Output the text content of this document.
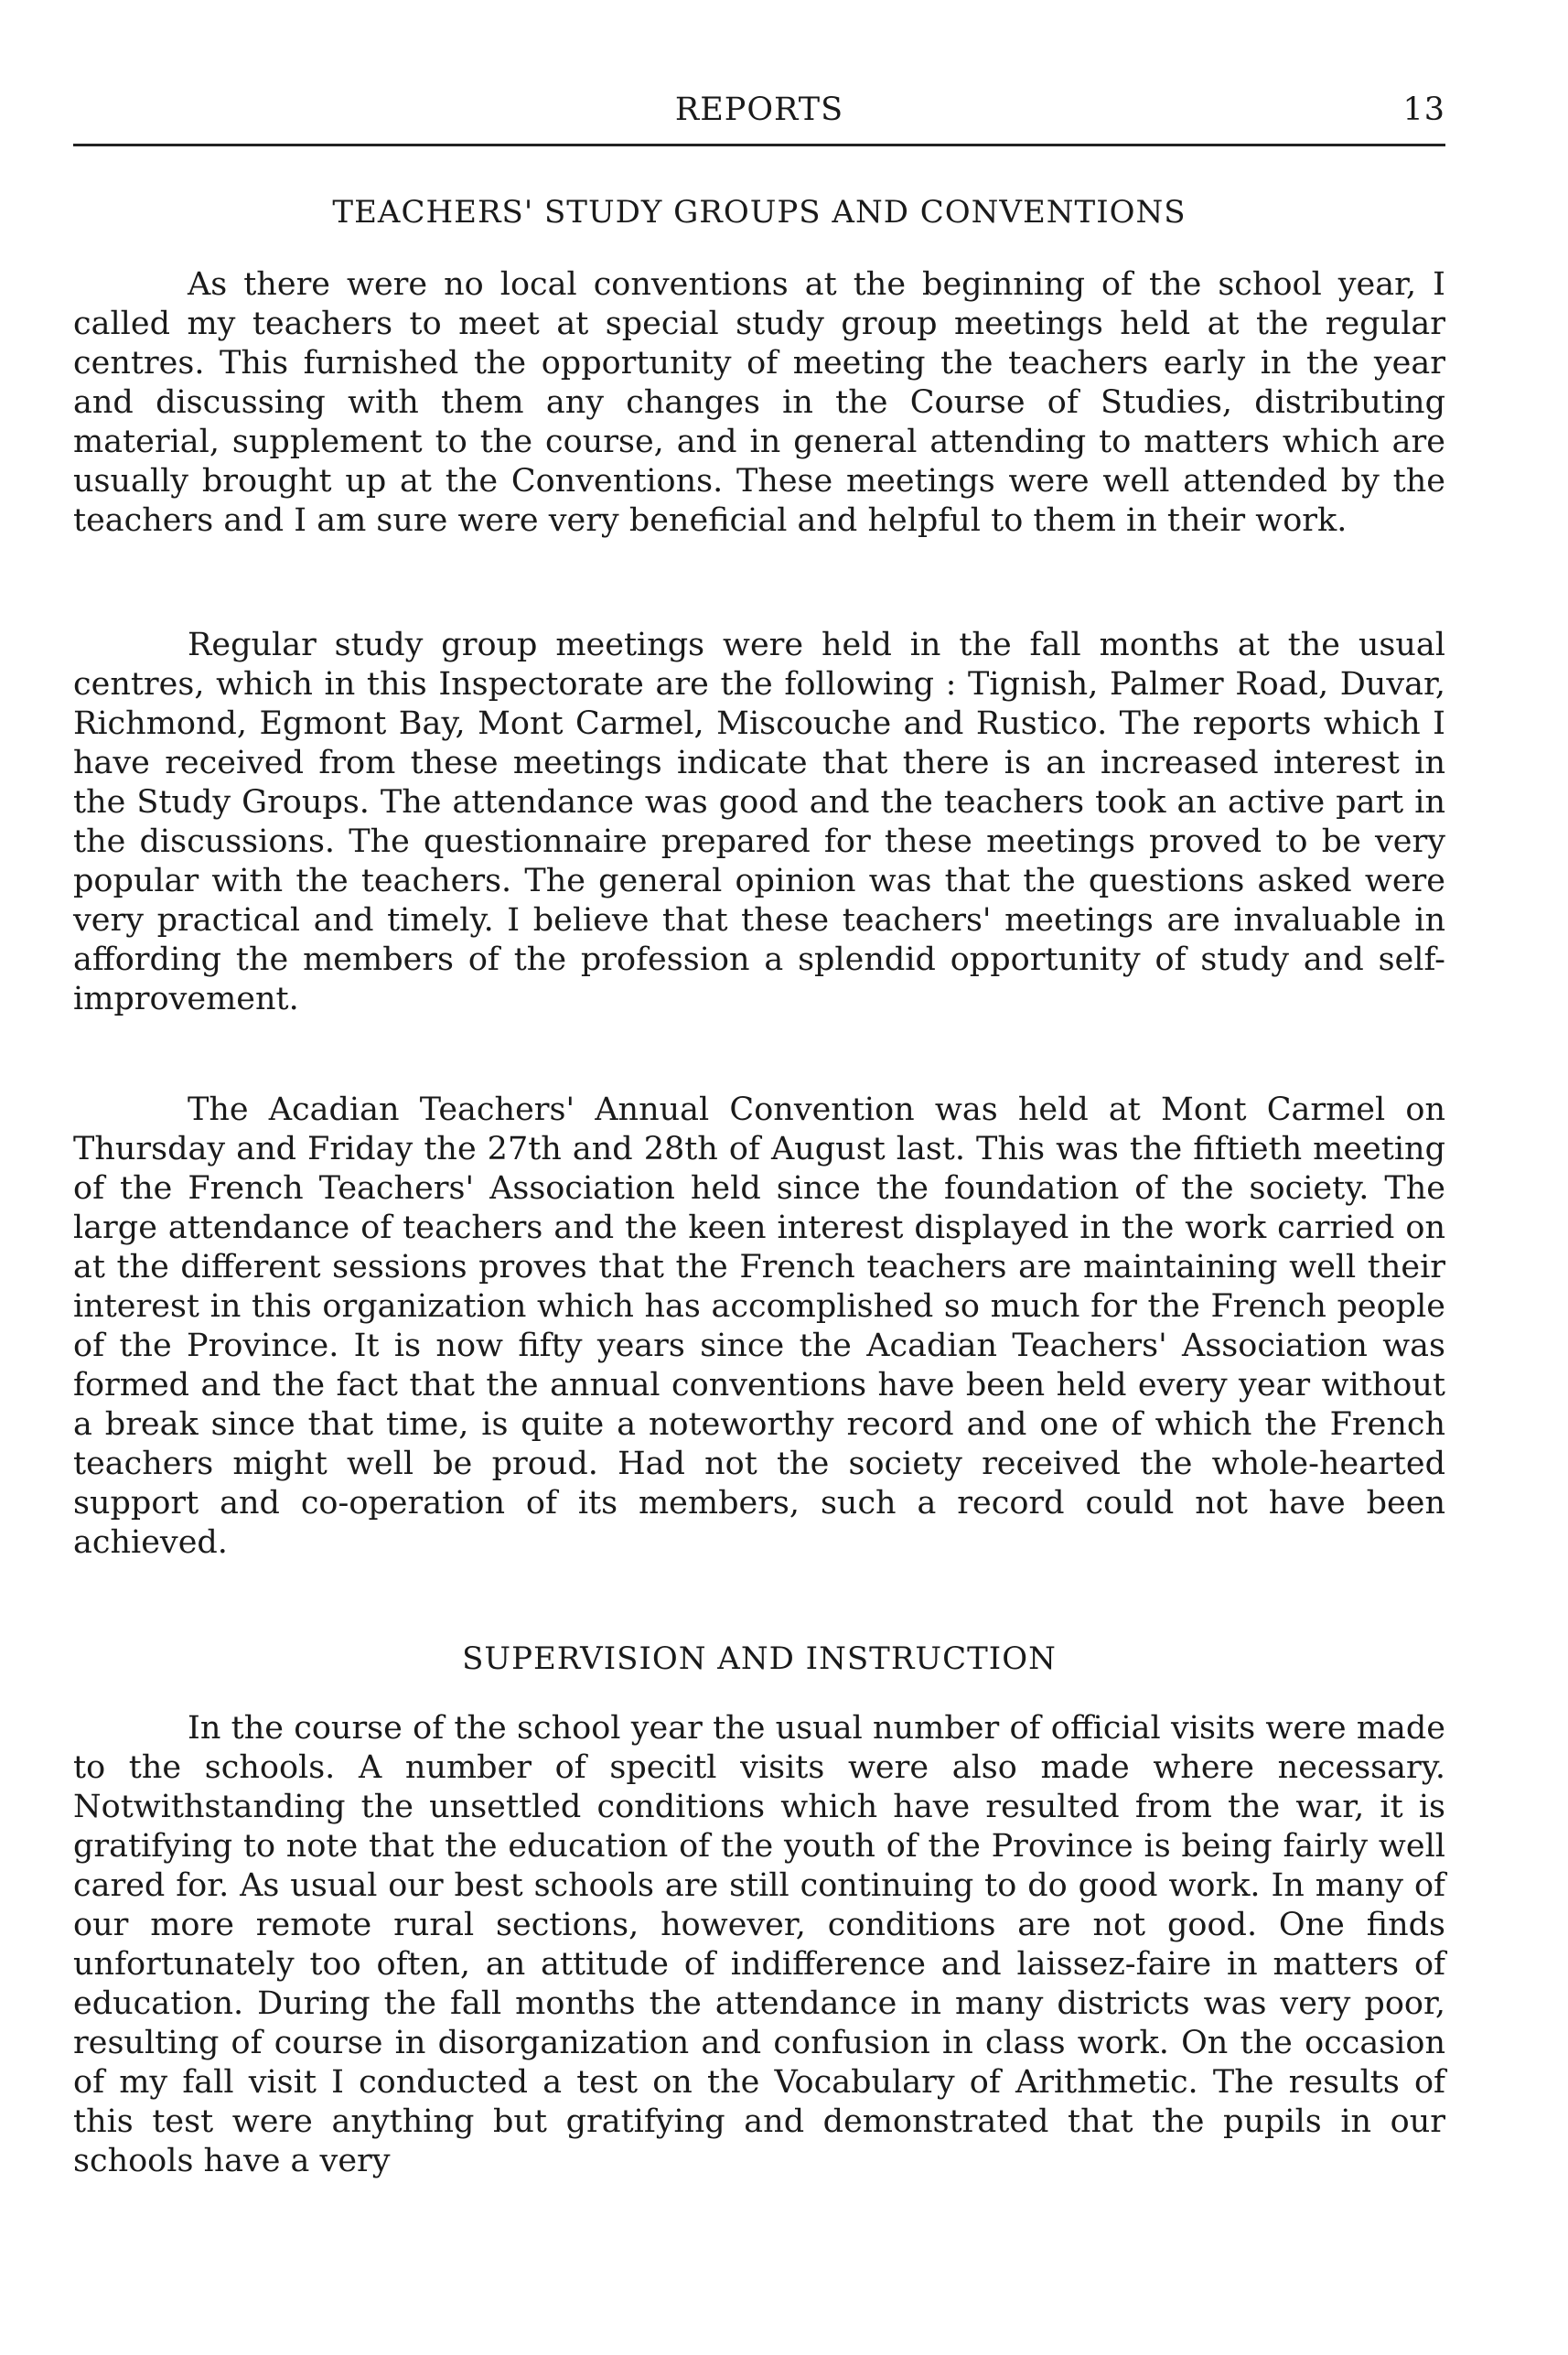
REPORTS	13
TEACHERS' STUDY GROUPS AND CONVENTIONS

As there were no local conventions at the beginning of the school year, I called my teachers to meet at special study group meetings held at the regular centres. This furnished the opportunity of meeting the teachers early in the year and discussing with them any changes in the Course of Studies, distributing material, supplement to the course, and in general attending to matters which are usually brought up at the Conventions. These meetings were well attended by the teachers and I am sure were very beneficial and helpful to them in their work.

Regular study group meetings were held in the fall months at the usual centres, which in this Inspectorate are the following : Tignish, Palmer Road, Duvar, Richmond, Egmont Bay, Mont Carmel, Miscouche and Rustico. The reports which I have received from these meetings indicate that there is an increased interest in the Study Groups. The attendance was good and the teachers took an active part in the discussions. The questionnaire prepared for these meetings proved to be very popular with the teachers. The general opinion was that the questions asked were very practical and timely. I believe that these teachers' meetings are invaluable in affording the members of the profession a splendid opportunity of study and self-improvement.

The Acadian Teachers' Annual Convention was held at Mont Carmel on Thursday and Friday the 27th and 28th of August last. This was the fiftieth meeting of the French Teachers' Association held since the foundation of the society. The large attendance of teachers and the keen interest displayed in the work carried on at the different sessions proves that the French teachers are maintaining well their interest in this organization which has accomplished so much for the French people of the Province. It is now fifty years since the Acadian Teachers' Association was formed and the fact that the annual conventions have been held every year without a break since that time, is quite a noteworthy record and one of which the French teachers might well be proud. Had not the society received the whole-hearted support and co-operation of its members, such a record could not have been achieved.

SUPERVISION AND INSTRUCTION

In the course of the school year the usual number of official visits were made to the schools. A number of specitl visits were also made where necessary. Notwithstanding the unsettled conditions which have resulted from the war, it is gratifying to note that the education of the youth of the Province is being fairly well cared for. As usual our best schools are still continuing to do good work. In many of our more remote rural sections, however, conditions are not good. One finds unfortunately too often, an attitude of indifference and laissez-faire in matters of education. During the fall months the attendance in many districts was very poor, resulting of course in disorganization and confusion in class work. On the occasion of my fall visit I conducted a test on the Vocabulary of Arithmetic. The results of this test were anything but gratifying and demonstrated that the pupils in our schools have a very
